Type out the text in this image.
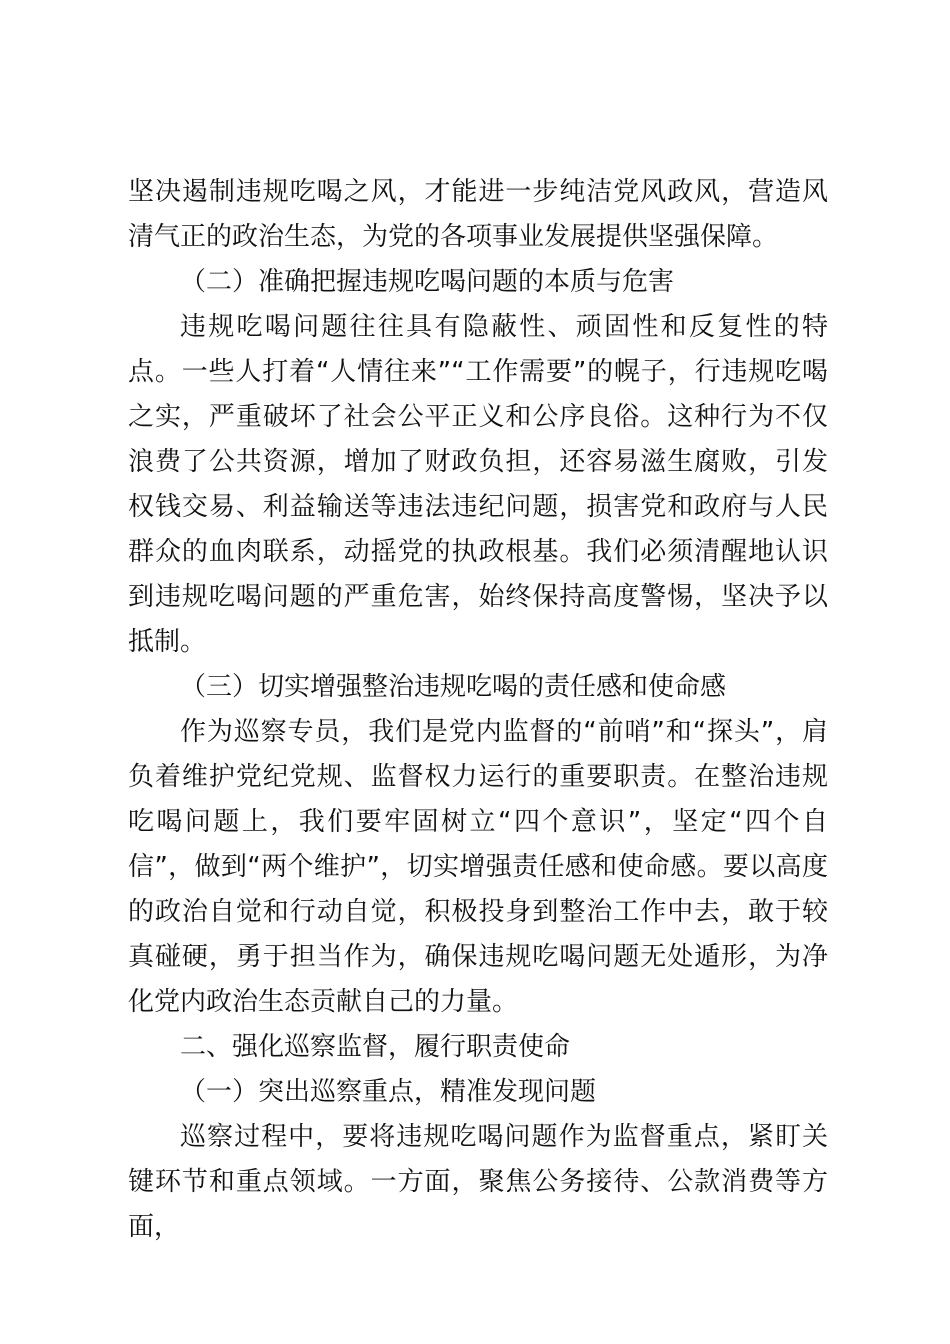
坚决遏制违规吃喝之风，才能进一步纯洁党风政风，营造风清气正的政治生态，为党的各项事业发展提供坚强保障。

（二）准确把握违规吃喝问题的本质与危害

违规吃喝问题往往具有隐蔽性、顽固性和反复性的特点。一些人打着“人情往来”“工作需要”的幌子，行违规吃喝之实，严重破坏了社会公平正义和公序良俗。这种行为不仅浪费了公共资源，增加了财政负担，还容易滋生腐败，引发权钱交易、利益输送等违法违纪问题，损害党和政府与人民群众的血肉联系，动摇党的执政根基。我们必须清醒地认识到违规吃喝问题的严重危害，始终保持高度警惕，坚决予以抵制。

（三）切实增强整治违规吃喝的责任感和使命感

作为巡察专员，我们是党内监督的“前哨”和“探头”，肩负着维护党纪党规、监督权力运行的重要职责。在整治违规吃喝问题上，我们要牢固树立“四个意识”，坚定“四个自信”，做到“两个维护”，切实增强责任感和使命感。要以高度的政治自觉和行动自觉，积极投身到整治工作中去，敢于较真碰硬，勇于担当作为，确保违规吃喝问题无处遁形，为净化党内政治生态贡献自己的力量。

二、强化巡察监督，履行职责使命

（一）突出巡察重点，精准发现问题

巡察过程中，要将违规吃喝问题作为监督重点，紧盯关键环节和重点领域。一方面，聚焦公务接待、公款消费等方面，
